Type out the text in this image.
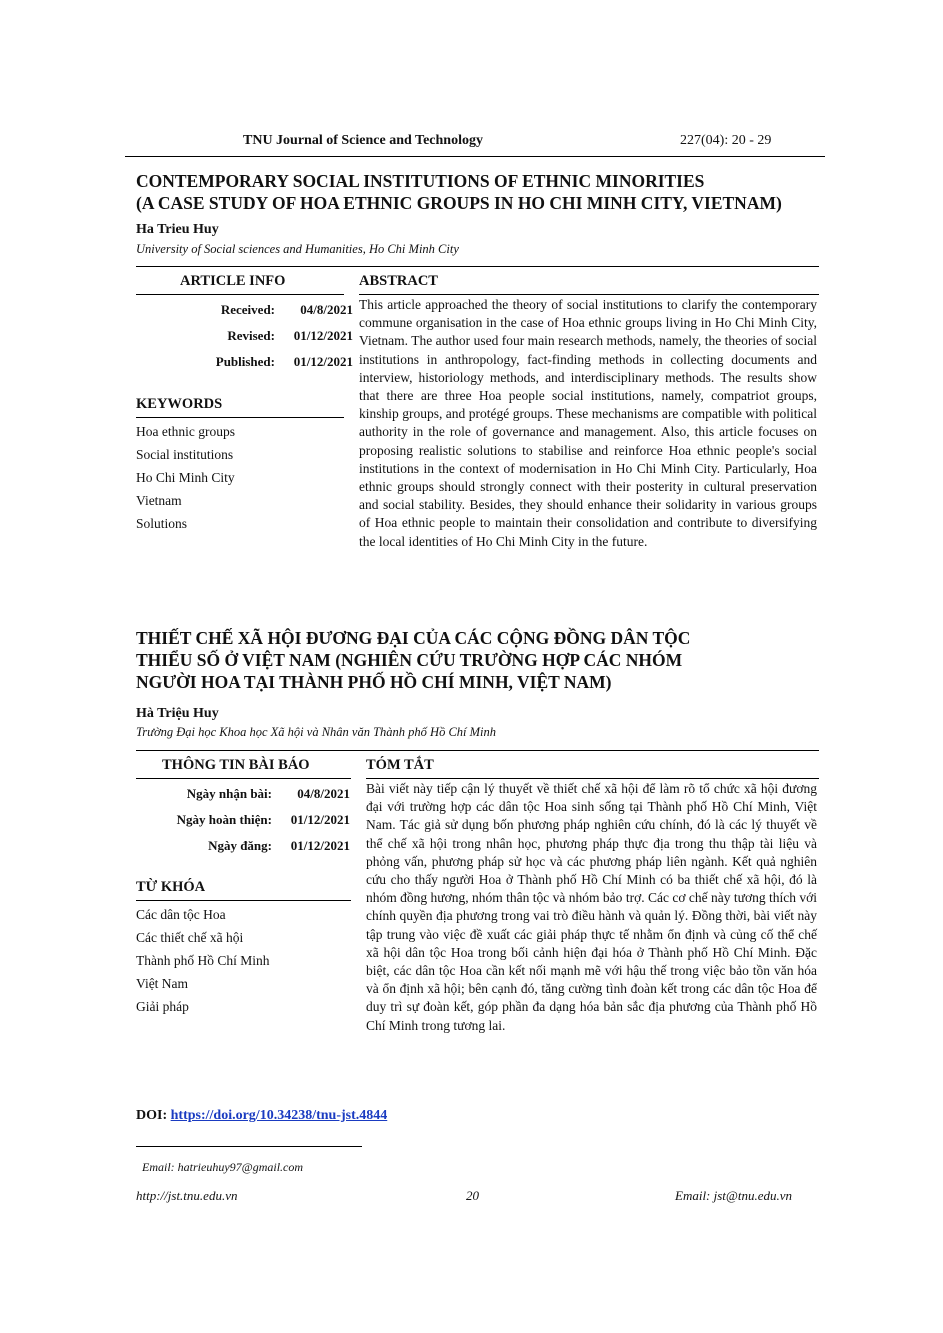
TNU Journal of Science and Technology	227(04): 20 - 29
CONTEMPORARY SOCIAL INSTITUTIONS OF ETHNIC MINORITIES
(A CASE STUDY OF HOA ETHNIC GROUPS IN HO CHI MINH CITY, VIETNAM)
Ha Trieu Huy
University of Social sciences and Humanities, Ho Chi Minh City
ARTICLE INFO	ABSTRACT
Received:	04/8/2021
Revised:	01/12/2021
Published:	01/12/2021
KEYWORDS
Hoa ethnic groups
Social institutions
Ho Chi Minh City
Vietnam
Solutions
This article approached the theory of social institutions to clarify the contemporary commune organisation in the case of Hoa ethnic groups living in Ho Chi Minh City, Vietnam. The author used four main research methods, namely, the theories of social institutions in anthropology, fact-finding methods in collecting documents and interview, historiology methods, and interdisciplinary methods. The results show that there are three Hoa people social institutions, namely, compatriot groups, kinship groups, and protégé groups. These mechanisms are compatible with political authority in the role of governance and management. Also, this article focuses on proposing realistic solutions to stabilise and reinforce Hoa ethnic people's social institutions in the context of modernisation in Ho Chi Minh City. Particularly, Hoa ethnic groups should strongly connect with their posterity in cultural preservation and social stability. Besides, they should enhance their solidarity in various groups of Hoa ethnic people to maintain their consolidation and contribute to diversifying the local identities of Ho Chi Minh City in the future.
THIẾT CHẾ XÃ HỘI ĐƯƠNG ĐẠI CỦA CÁC CỘNG ĐỒNG DÂN TỘC
THIỂU SỐ Ở VIỆT NAM (NGHIÊN CỨU TRƯỜNG HỢP CÁC NHÓM
NGƯỜI HOA TẠI THÀNH PHỐ HỒ CHÍ MINH, VIỆT NAM)
Hà Triệu Huy
Trường Đại học Khoa học Xã hội và Nhân văn Thành phố Hồ Chí Minh
THÔNG TIN BÀI BÁO	TÓM TẮT
Ngày nhận bài:	04/8/2021
Ngày hoàn thiện:	01/12/2021
Ngày đăng:	01/12/2021
TỪ KHÓA
Các dân tộc Hoa
Các thiết chế xã hội
Thành phố Hồ Chí Minh
Việt Nam
Giải pháp
Bài viết này tiếp cận lý thuyết về thiết chế xã hội để làm rõ tổ chức xã hội đương đại với trường hợp các dân tộc Hoa sinh sống tại Thành phố Hồ Chí Minh, Việt Nam. Tác giả sử dụng bốn phương pháp nghiên cứu chính, đó là các lý thuyết về thể chế xã hội trong nhân học, phương pháp thực địa trong thu thập tài liệu và phỏng vấn, phương pháp sử học và các phương pháp liên ngành. Kết quả nghiên cứu cho thấy người Hoa ở Thành phố Hồ Chí Minh có ba thiết chế xã hội, đó là nhóm đồng hương, nhóm thân tộc và nhóm bảo trợ. Các cơ chế này tương thích với chính quyền địa phương trong vai trò điều hành và quản lý. Đồng thời, bài viết này tập trung vào việc đề xuất các giải pháp thực tế nhằm ổn định và củng cố thể chế xã hội dân tộc Hoa trong bối cảnh hiện đại hóa ở Thành phố Hồ Chí Minh. Đặc biệt, các dân tộc Hoa cần kết nối mạnh mẽ với hậu thế trong việc bảo tồn văn hóa và ổn định xã hội; bên cạnh đó, tăng cường tình đoàn kết trong các dân tộc Hoa để duy trì sự đoàn kết, góp phần đa dạng hóa bản sắc địa phương của Thành phố Hồ Chí Minh trong tương lai.
DOI: https://doi.org/10.34238/tnu-jst.4844
Email: hatrieuhuy97@gmail.com
http://jst.tnu.edu.vn	20	Email: jst@tnu.edu.vn
